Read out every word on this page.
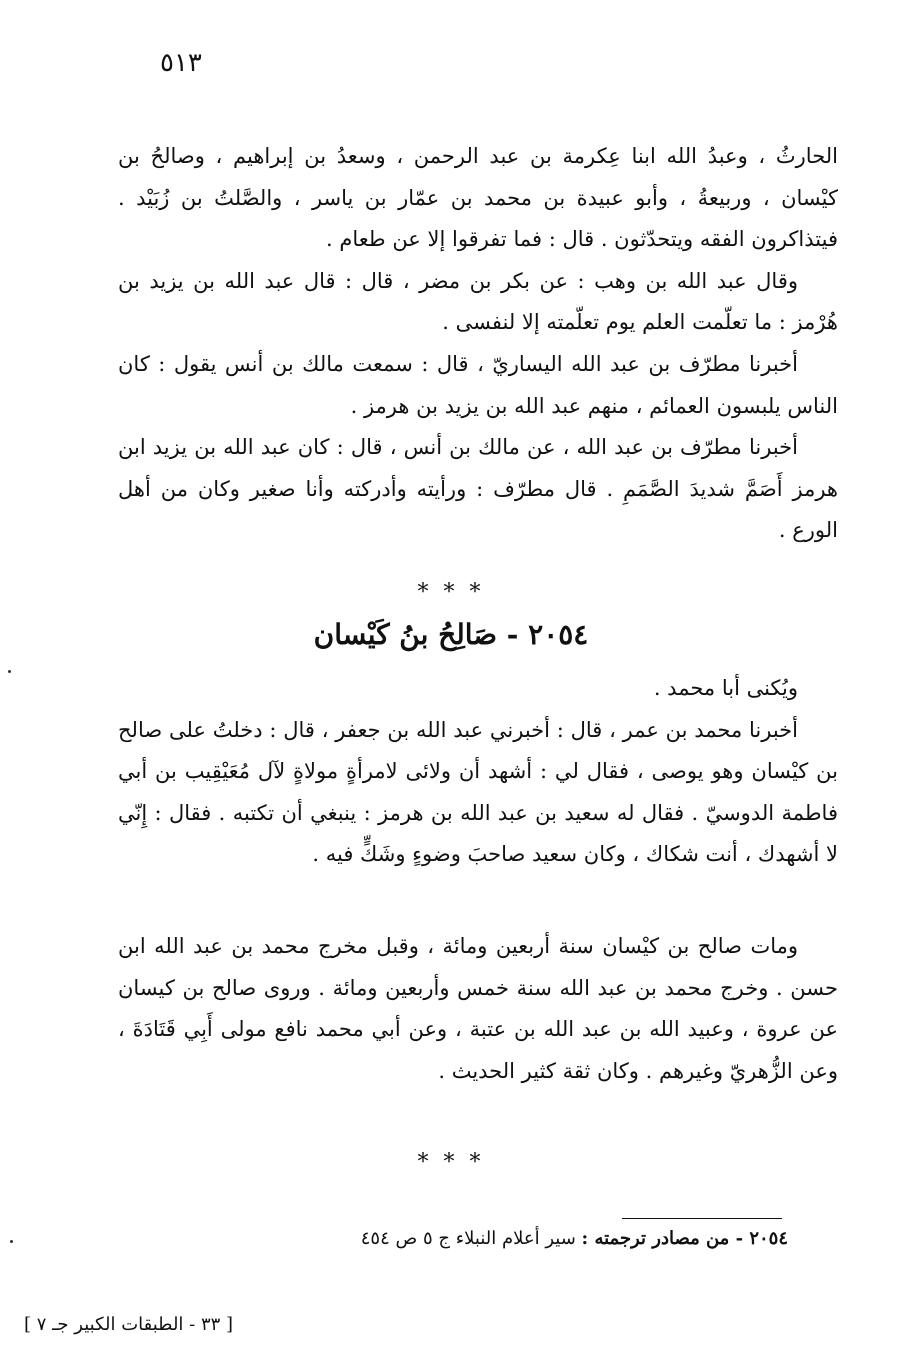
٥١٣

الحارثُ ، وعبدُ الله ابنا عِكرمة بن عبد الرحمن ، وسعدُ بن إبراهيم ، وصالحُ بن كيْسان ، وربيعةُ ، وأبو عبيدة بن محمد بن عمّار بن ياسر ، والصَّلتُ بن زُبَيْد . فيتذاكرون الفقه ويتحدّثون . قال : فما تفرقوا إلا عن طعام .

وقال عبد الله بن وهب : عن بكر بن مضر ، قال : قال عبد الله بن يزيد بن هُرْمز : ما تعلّمت العلم يوم تعلّمته إلا لنفسى .

أخبرنا مطرّف بن عبد الله اليساريّ ، قال : سمعت مالك بن أنس يقول : كان الناس يلبسون العمائم ، منهم عبد الله بن يزيد بن هرمز .

أخبرنا مطرّف بن عبد الله ، عن مالك بن أنس ، قال : كان عبد الله بن يزيد ابن هرمز أَصَمَّ شديدَ الصَّمَمِ . قال مطرّف : ورأيته وأدركته وأنا صغير وكان من أهل الورع .

* * *
٢٠٥٤ - صَالِحُ بنُ كَيْسان

ويُكنى أبا محمد .

أخبرنا محمد بن عمر ، قال : أخبرني عبد الله بن جعفر ، قال : دخلتُ على صالح بن كيْسان وهو يوصى ، فقال لي : أشهد أن ولائى لامرأةٍ مولاةٍ لآل مُعَيْقِيب بن أبي فاطمة الدوسيّ . فقال له سعيد بن عبد الله بن هرمز : ينبغي أن تكتبه . فقال : إِنّي لا أشهدك ، أنت شكاك ، وكان سعيد صاحبَ وضوءٍ وشَكٍّ فيه .

ومات صالح بن كيْسان سنة أربعين ومائة ، وقبل مخرج محمد بن عبد الله ابن حسن . وخرج محمد بن عبد الله سنة خمس وأربعين ومائة . وروى صالح بن كيسان عن عروة ، وعبيد الله بن عبد الله بن عتبة ، وعن أبي محمد نافع مولى أَبِي قَتَادَةَ ، وعن الزُّهريّ وغيرهم . وكان ثقة كثير الحديث .

* * *
٢٠٥٤ - من مصادر ترجمته : سير أعلام النبلاء ج ٥ ص ٤٥٤
[ ٣٣ - الطبقات الكبير جـ ٧ ]
